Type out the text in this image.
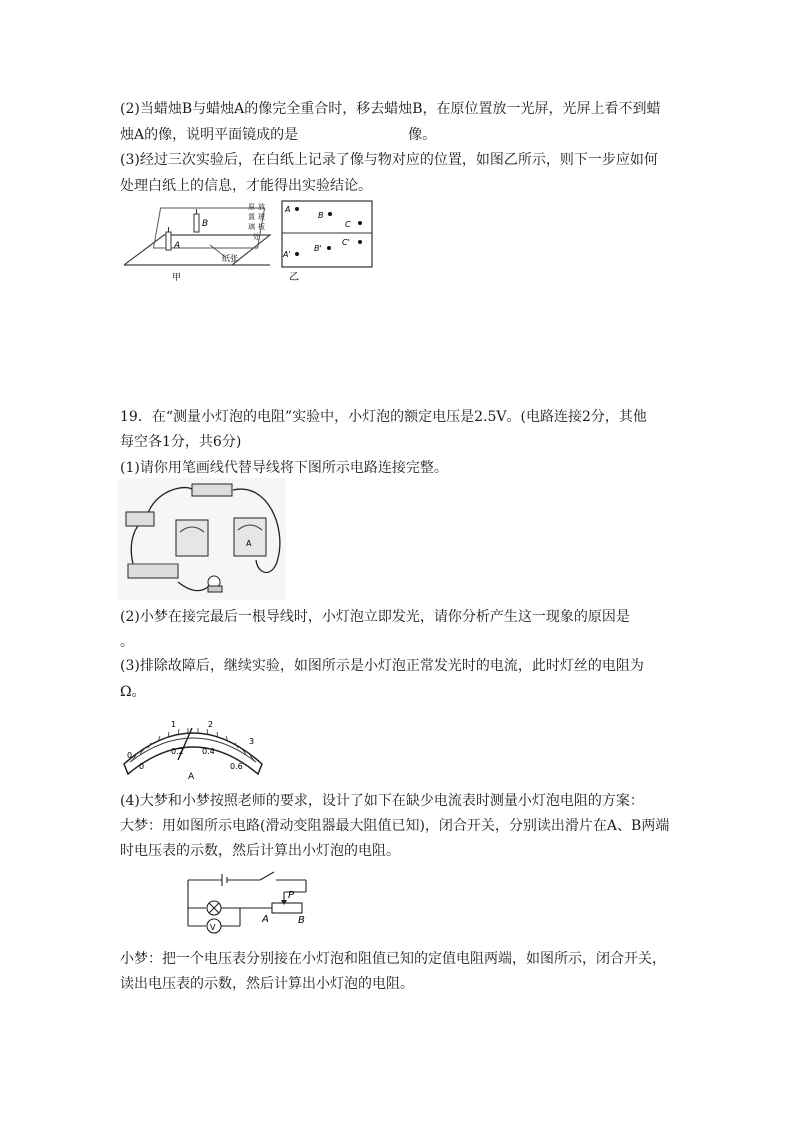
(2)当蜡烛B与蜡烛A的像完全重合时，移去蜡烛B，在原位置放一光屏，光屏上看不到蜡
烛A的像，说明平面镜成的是	像。
(3)经过三次实验后，在白纸上记录了像与物对应的位置，如图乙所示，则下一步应如何
处理白纸上的信息，才能得出实验结论。
B
A
纸张
甲
原 放
置 玻
璃 板
处
A
B
C
A'
B'
C'
乙
19．在“测量小灯泡的电阻”实验中，小灯泡的额定电压是2.5V。(电路连接2分，其他
每空各1分，共6分)
(1)请你用笔画线代替导线将下图所示电路连接完整。
A
(2)小梦在接完最后一根导线时，小灯泡立即发光，请你分析产生这一现象的原因是
。
(3)排除故障后，继续实验，如图所示是小灯泡正常发光时的电流，此时灯丝的电阻为
Ω。
0
1	2
3
0
0.2 0.4
0.6
A
(4)大梦和小梦按照老师的要求，设计了如下在缺少电流表时测量小灯泡电阻的方案：
大梦：用如图所示电路(滑动变阻器最大阻值已知)，闭合开关，分别读出滑片在A、B两端
时电压表的示数，然后计算出小灯泡的电阻。
P
A	B
V
小梦：把一个电压表分别接在小灯泡和阻值已知的定值电阻两端，如图所示，闭合开关，
读出电压表的示数，然后计算出小灯泡的电阻。
